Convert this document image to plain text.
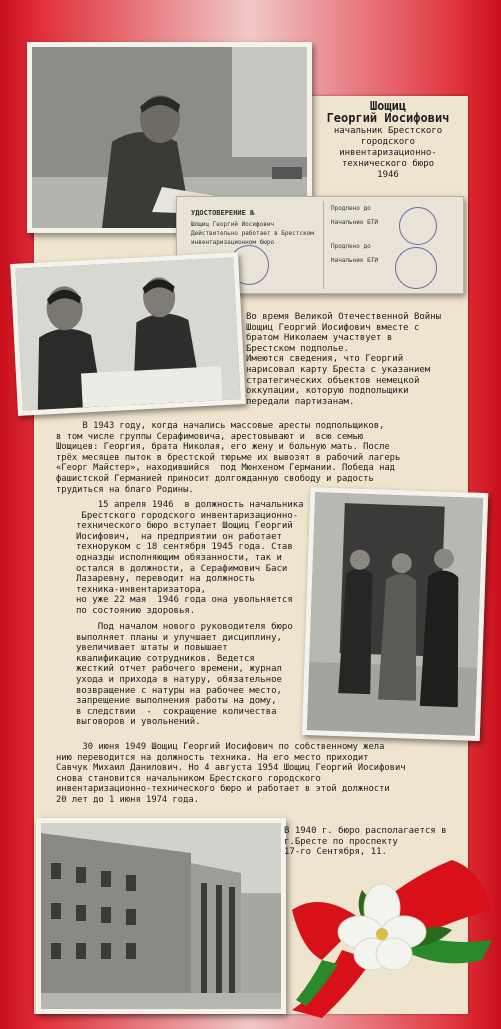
Шощиц
Георгий Иосифович
начальник Брестского
городского
инвентаризационно-
технического бюро
1946
УДОСТОВЕРЕНИЕ №
Шощиц Георгий Иосифович
Действительно работает в Брестском
инвентаризационном бюро
Продлено до
Начальник БТИ
Продлено до
Начальник БТИ
Во время Великой Отечественной Войны
Шощиц Георгий Иосифович вместе с
братом Николаем участвует в
Брестском подполье.
Имеются сведения, что Георгий
нарисовал карту Бреста с указанием
стратегических объектов немецкой
оккупации, которую подпольщики
передали партизанам.
В 1943 году, когда начались массовые аресты подпольщиков,
в том числе группы Серафимовича, арестовывают и  всю семью
Шощицев: Георгия, брата Николая, его жену и больную мать. После
трёх месяцев пыток в брестской тюрьме их вывозят в рабочий лагерь
«Георг Майстер», находившийся  под Мюнхеном Германии. Победа над
фашистской Германией приносит долгожданную свободу и радость
трудиться на благо Родины.
15 апреля 1946  в должность начальника
Брестского городского инвентаризационно-
технического бюро вступает Шощиц Георгий
Иосифович,  на предприятии он работает
техноруком с 18 сентября 1945 года. Став
одназды исполняющим обязанности, так и
остался в должности, а Серафимович Баси
Лазаревну, переводит на должность
техника-инвентаризатора,
но уже 22 мая  1946 года она увольняется
по состоянию здоровья.
Под началом нового руководителя бюро
выполняет планы и улучшает дисциплину,
увеличивает штаты и повышает
квалификацию сотрудников. Ведется
жесткий отчет рабочего времени, журнал
ухода и прихода в натуру, обязательное
возвращение с натуры на рабочее место,
запрещение выполнения работы на дому,
в следствии  -  сокращение количества
выговоров и увольнений.
30 июня 1949 Шощиц Георгий Иосифович по собственному жела
нию переводится на должность техника. На его место приходит
Савчук Михаил Данилович. Но 4 августа 1954 Шощиц Георгий Иосифович
снова становится начальником Брестского городского
инвентаризационно-технического бюро и работает в этой должности
20 лет до 1 июня 1974 года.
В 1940 г. бюро располагается в
г.Бресте по проспекту
17-го Сентября, 11.
